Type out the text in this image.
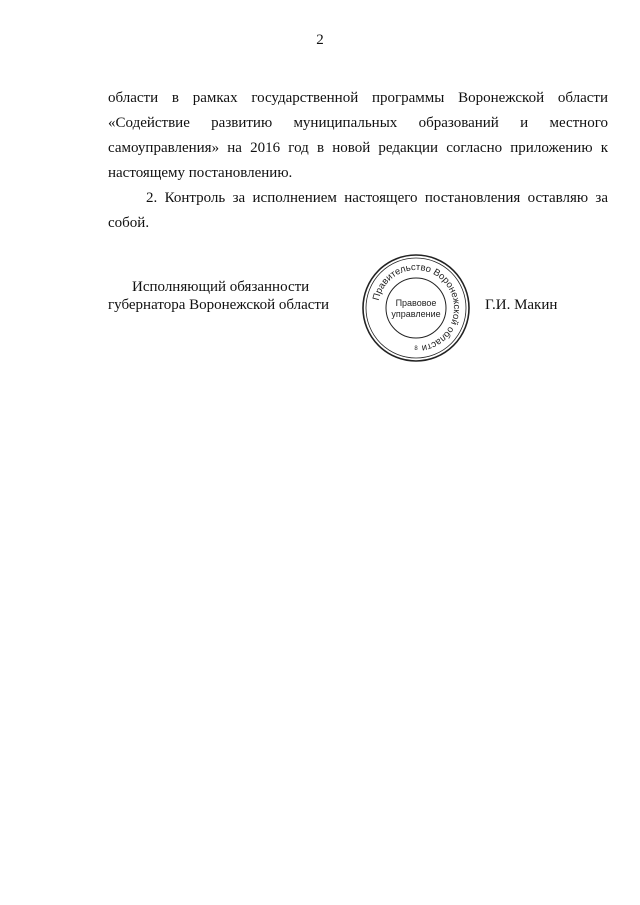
2

области в рамках государственной программы Воронежской области «Содействие развитию муниципальных образований и местного самоуправления» на 2016 год в новой редакции согласно приложению к настоящему постановлению.

2. Контроль за исполнением настоящего постановления оставляю за собой.

Исполняющий обязанности
губернатора Воронежской области
Правительство Воронежской области
Правовое
управление
8
Г.И. Макин
